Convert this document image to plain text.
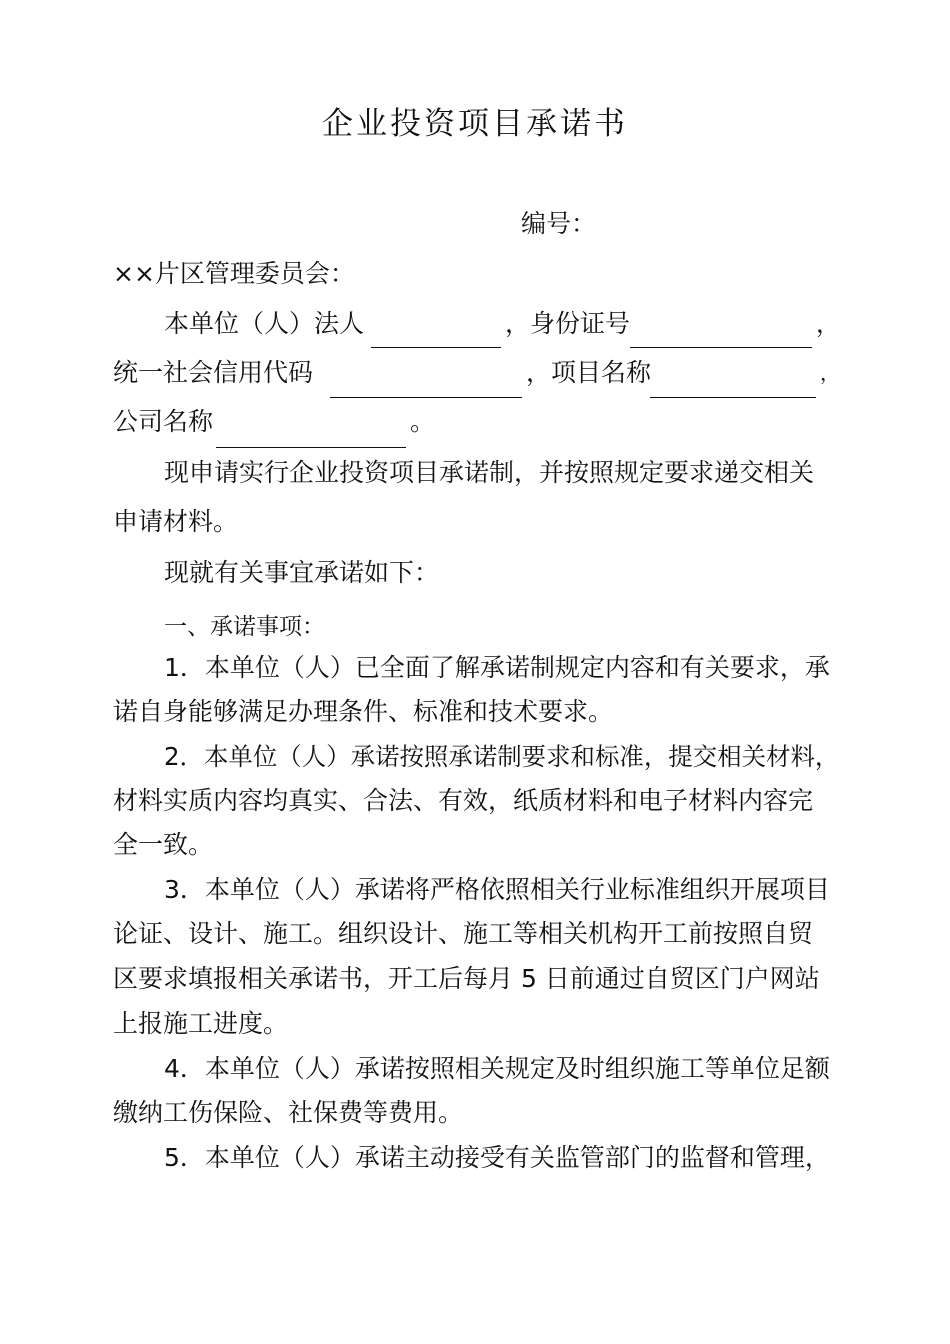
企业投资项目承诺书
编号：
××片区管理委员会：
本单位（人）法人	，身份证号	，
统一社会信用代码	，项目名称	，
公司名称	。
现申请实行企业投资项目承诺制，并按照规定要求递交相关
申请材料。
现就有关事宜承诺如下：
一、承诺事项：
1．本单位（人）已全面了解承诺制规定内容和有关要求，承
诺自身能够满足办理条件、标准和技术要求。
2．本单位（人）承诺按照承诺制要求和标准，提交相关材料，
材料实质内容均真实、合法、有效，纸质材料和电子材料内容完
全一致。
3．本单位（人）承诺将严格依照相关行业标准组织开展项目
论证、设计、施工。组织设计、施工等相关机构开工前按照自贸
区要求填报相关承诺书，开工后每月 5 日前通过自贸区门户网站
上报施工进度。
4．本单位（人）承诺按照相关规定及时组织施工等单位足额
缴纳工伤保险、社保费等费用。
5．本单位（人）承诺主动接受有关监管部门的监督和管理，
